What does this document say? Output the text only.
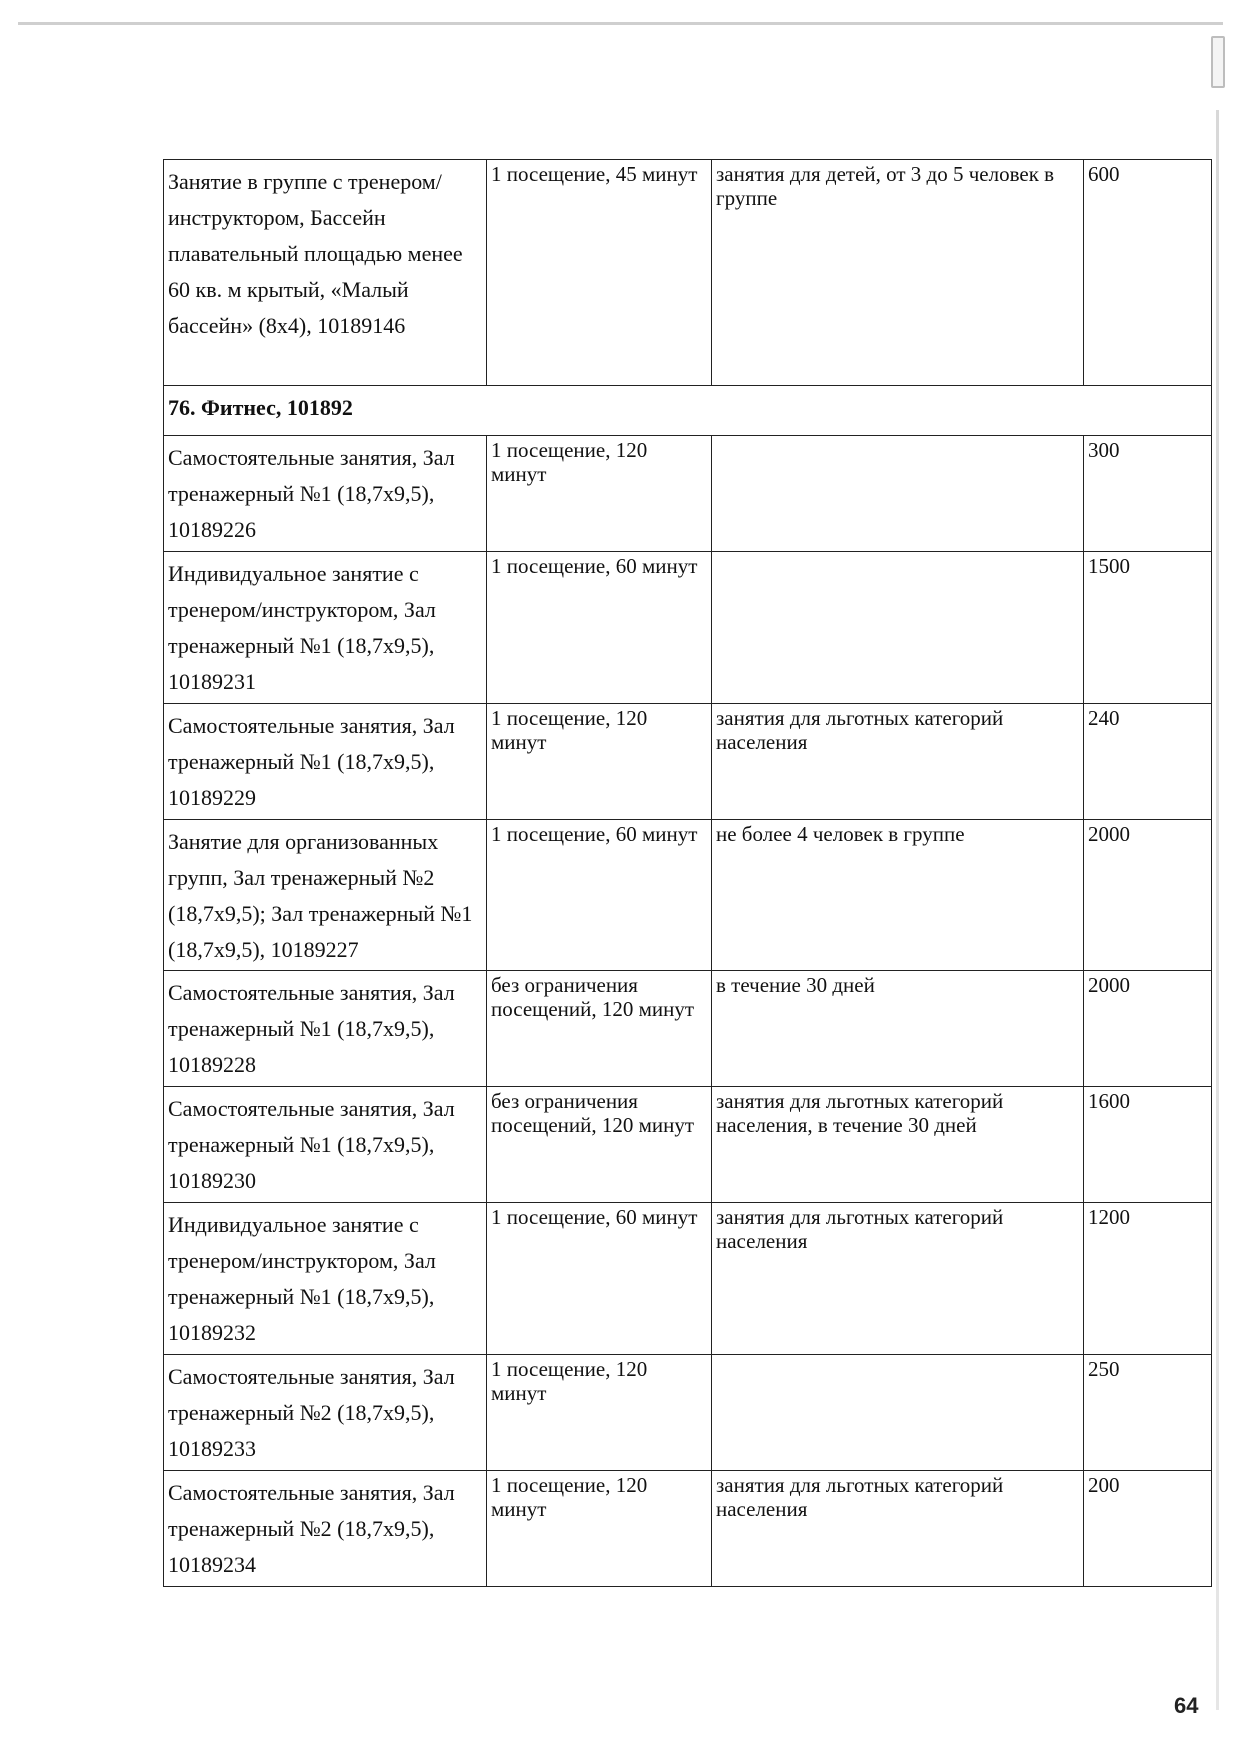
Занятие в группе с тренером/инструктором, Бассейн плавательный площадью менее 60 кв. м крытый, «Малый бассейн» (8x4), 10189146	1 посещение, 45 минут	занятия для детей, от 3 до 5 человек в группе	600
76. Фитнес, 101892			
Самостоятельные занятия, Зал тренажерный №1 (18,7x9,5), 10189226	1 посещение, 120 минут		300
Индивидуальное занятие с тренером/инструктором, Зал тренажерный №1 (18,7x9,5), 10189231	1 посещение, 60 минут		1500
Самостоятельные занятия, Зал тренажерный №1 (18,7x9,5), 10189229	1 посещение, 120 минут	занятия для льготных категорий населения	240
Занятие для организованных групп, Зал тренажерный №2 (18,7x9,5); Зал тренажерный №1 (18,7x9,5), 10189227	1 посещение, 60 минут	не более 4 человек в группе	2000
Самостоятельные занятия, Зал тренажерный №1 (18,7x9,5), 10189228	без ограничения посещений, 120 минут	в течение 30 дней	2000
Самостоятельные занятия, Зал тренажерный №1 (18,7x9,5), 10189230	без ограничения посещений, 120 минут	занятия для льготных категорий населения, в течение 30 дней	1600
Индивидуальное занятие с тренером/инструктором, Зал тренажерный №1 (18,7x9,5), 10189232	1 посещение, 60 минут	занятия для льготных категорий населения	1200
Самостоятельные занятия, Зал тренажерный №2 (18,7x9,5), 10189233	1 посещение, 120 минут		250
Самостоятельные занятия, Зал тренажерный №2 (18,7x9,5), 10189234	1 посещение, 120 минут	занятия для льготных категорий населения	200
64
